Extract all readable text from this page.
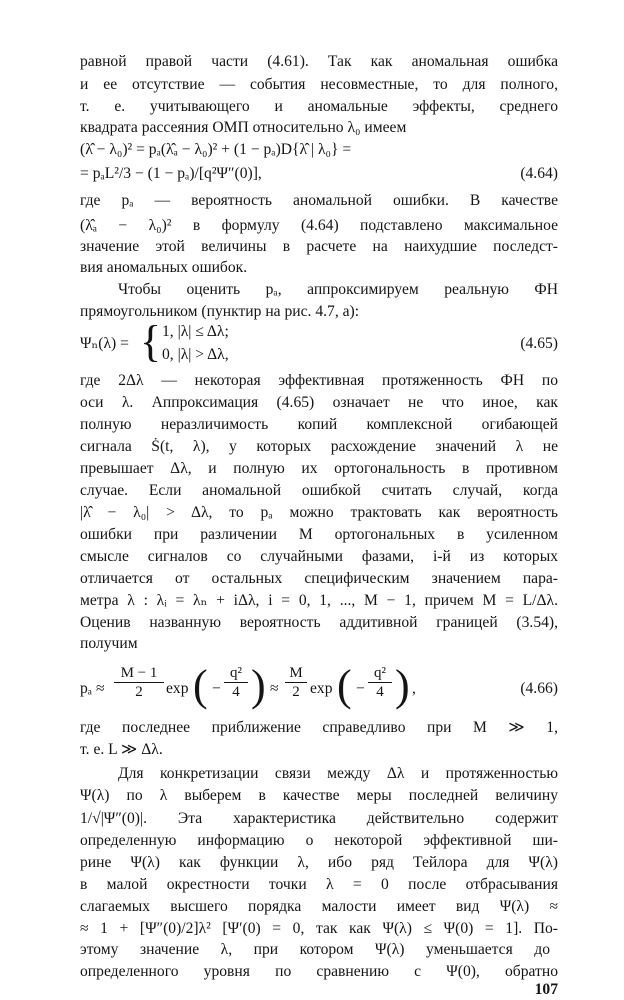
равной правой части (4.61). Так как аномальная ошибка
и ее отсутствие — события несовместные, то для полного,
т. е. учитывающего и аномальные эффекты, среднего
квадрата рассеяния ОМП относительно λ₀ имеем
(λ̂ − λ₀)² = pₐ(λ̂ₐ − λ₀)² + (1 − pₐ)D{λ̂ | λ₀} =
= pₐL²/3 − (1 − pₐ)/[q²Ψ″(0)],	(4.64)
где pₐ — вероятность аномальной ошибки. В качестве
(λ̂ₐ − λ₀)² в формулу (4.64) подставлено максимальное
значение этой величины в расчете на наихудшие последст-
вия аномальных ошибок.
Чтобы оценить pₐ, аппроксимируем реальную ФН
прямоугольником (пунктир на рис. 4.7, а):
Ψₙ(λ) = { 1, |λ| ≤ Δλ;
0, |λ| > Δλ,
(4.65)
где 2Δλ — некоторая эффективная протяженность ФН по
оси λ. Аппроксимация (4.65) означает не что иное, как
полную неразличимость копий комплексной огибающей
сигнала Ṡ(t, λ), у которых расхождение значений λ не
превышает Δλ, и полную их ортогональность в противном
случае. Если аномальной ошибкой считать случай, когда
|λ̂ − λ₀| > Δλ, то pₐ можно трактовать как вероятность
ошибки при различении M ортогональных в усиленном
смысле сигналов со случайными фазами, i-й из которых
отличается от остальных специфическим значением пара-
метра λ : λᵢ = λₙ + iΔλ, i = 0, 1, ..., M − 1, причем M = L/Δλ.
Оценив названную вероятность аддитивной границей (3.54),
получим
$p_a \approx \frac{M - 1}{2}$ exp ( − $\frac{\text{q²}}{4}$ ) ≈ $\frac{M}{2}$ exp ( − $\frac{\text{q²}}{4}$ ) ,	(4.66)
где последнее приближение справедливо при M ≫ 1,
т. е. L ≫ Δλ.
Для конкретизации связи между Δλ и протяженностью
Ψ(λ) по λ выберем в качестве меры последней величину
1/√|Ψ″(0)|. Эта характеристика действительно содержит
определенную информацию о некоторой эффективной ши-
рине Ψ(λ) как функции λ, ибо ряд Тейлора для Ψ(λ)
в малой окрестности точки λ = 0 после отбрасывания
слагаемых высшего порядка малости имеет вид Ψ(λ) ≈
≈ 1 + [Ψ″(0)/2]λ² [Ψ′(0) = 0, так как Ψ(λ) ≤ Ψ(0) = 1]. По-
этому значение λ, при котором Ψ(λ) уменьшается до
определенного уровня по сравнению с Ψ(0), обратно
107
